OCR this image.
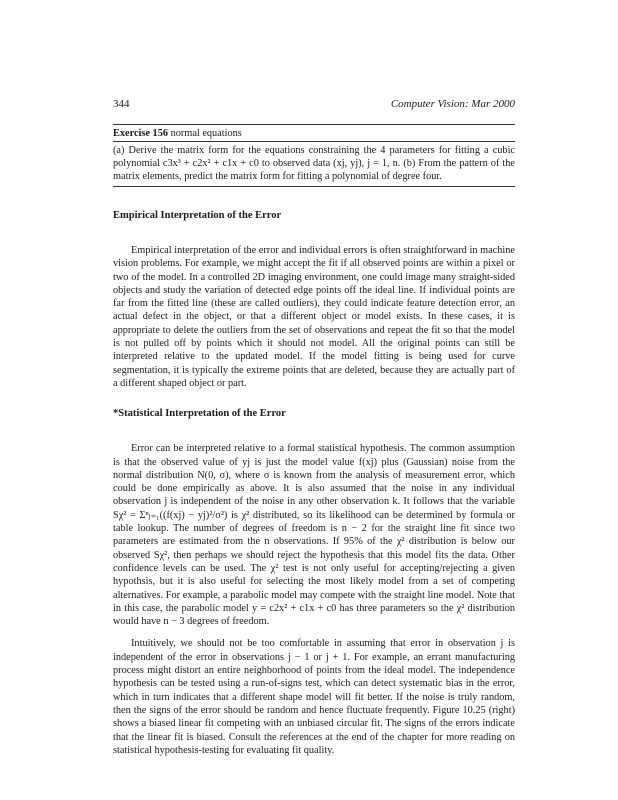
344	Computer Vision: Mar 2000
Exercise 156 normal equations
(a) Derive the matrix form for the equations constraining the 4 parameters for fitting a cubic polynomial c3x³ + c2x² + c1x + c0 to observed data (xj, yj), j = 1, n. (b) From the pattern of the matrix elements, predict the matrix form for fitting a polynomial of degree four.
Empirical Interpretation of the Error

Empirical interpretation of the error and individual errors is often straightforward in machine vision problems. For example, we might accept the fit if all observed points are within a pixel or two of the model. In a controlled 2D imaging environment, one could image many straight-sided objects and study the variation of detected edge points off the ideal line. If individual points are far from the fitted line (these are called outliers), they could indicate feature detection error, an actual defect in the object, or that a different object or model exists. In these cases, it is appropriate to delete the outliers from the set of observations and repeat the fit so that the model is not pulled off by points which it should not model. All the original points can still be interpreted relative to the updated model. If the model fitting is being used for curve segmentation, it is typically the extreme points that are deleted, because they are actually part of a different shaped object or part.

*Statistical Interpretation of the Error

Error can be interpreted relative to a formal statistical hypothesis. The common assumption is that the observed value of yj is just the model value f(xj) plus (Gaussian) noise from the normal distribution N(0, σ), where σ is known from the analysis of measurement error, which could be done empirically as above. It is also assumed that the noise in any individual observation j is independent of the noise in any other observation k. It follows that the variable Sχ² = Σⁿⱼ₌₁((f(xj) − yj)²/σ²) is χ² distributed, so its likelihood can be determined by formula or table lookup. The number of degrees of freedom is n − 2 for the straight line fit since two parameters are estimated from the n observations. If 95% of the χ² distribution is below our observed Sχ², then perhaps we should reject the hypothesis that this model fits the data. Other confidence levels can be used. The χ² test is not only useful for accepting/rejecting a given hypothsis, but it is also useful for selecting the most likely model from a set of competing alternatives. For example, a parabolic model may compete with the straight line model. Note that in this case, the parabolic model y = c2x² + c1x + c0 has three parameters so the χ² distribution would have n − 3 degrees of freedom.

Intuitively, we should not be too comfortable in assuming that error in observation j is independent of the error in observations j − 1 or j + 1. For example, an errant manufacturing process might distort an entire neighborhood of points from the ideal model. The independence hypothesis can be tested using a run-of-signs test, which can detect systematic bias in the error, which in turn indicates that a different shape model will fit better. If the noise is truly random, then the signs of the error should be random and hence fluctuate frequently. Figure 10.25 (right) shows a biased linear fit competing with an unbiased circular fit. The signs of the errors indicate that the linear fit is biased. Consult the references at the end of the chapter for more reading on statistical hypothesis-testing for evaluating fit quality.
